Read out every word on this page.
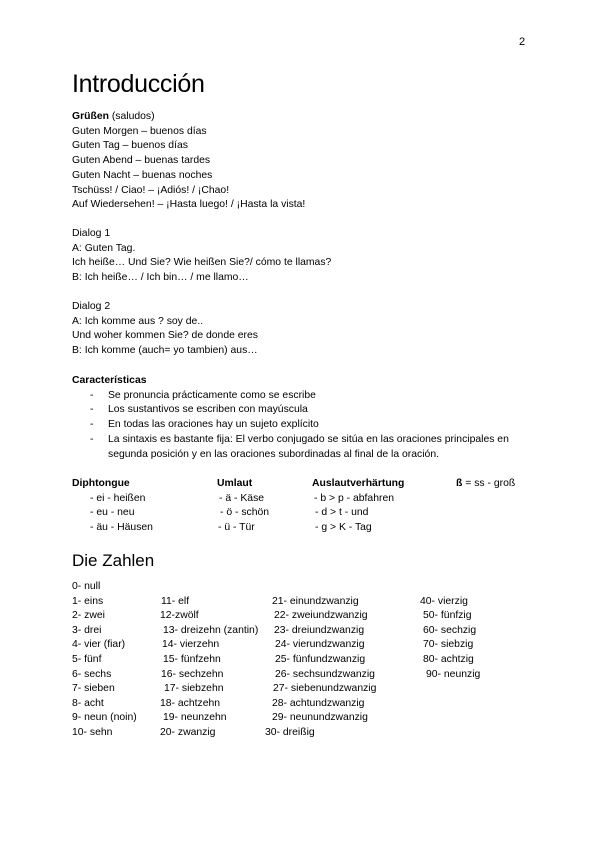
2
Introducción
Grüßen (saludos)
Guten Morgen – buenos días
Guten Tag – buenos días
Guten Abend – buenas tardes
Guten Nacht – buenas noches
Tschüss! / Ciao! – ¡Adiós! / ¡Chao!
Auf Wiedersehen! – ¡Hasta luego! / ¡Hasta la vista!
Dialog 1
A: Guten Tag.
Ich heiße… Und Sie? Wie heißen Sie?/ cómo te llamas?
B: Ich heiße… / Ich bin… / me llamo…
Dialog 2
A: Ich komme aus ? soy de..
Und woher kommen Sie? de donde eres
B: Ich komme (auch= yo tambien) aus…
Características
- Se pronuncia prácticamente como se escribe
- Los sustantivos se escriben con mayúscula
- En todas las oraciones hay un sujeto explícito
- La sintaxis es bastante fija: El verbo conjugado se sitúa en las oraciones principales en segunda posición y en las oraciones subordinadas al final de la oración.
Diphtongue
- ei - heißen
- eu - neu
- äu - Häusen
Umlaut
- ä - Käse
- ö - schön
- ü - Tür
Auslautverhärtung
- b > p - abfahren
- d > t - und
- g > K - Tag
ß = ss - groß
Die Zahlen
0- null
1- eins
2- zwei
3- drei
4- vier (fiar)
5- fünf
6- sechs
7- sieben
8- acht
9- neun (noin)
10- sehn
11- elf
12-zwölf
13- dreizehn (zantin)
14- vierzehn
15- fünfzehn
16- sechzehn
17- siebzehn
18- achtzehn
19- neunzehn
20- zwanzig
21- einundzwanzig
22- zweiundzwanzig
23- dreiundzwanzig
24- vierundzwanzig
25- fünfundzwanzig
26- sechsundzwanzig
27- siebenundzwanzig
28- achtundzwanzig
29- neunundzwanzig
30- dreißig
40- vierzig
50- fünfzig
60- sechzig
70- siebzig
80- achtzig
90- neunzig
